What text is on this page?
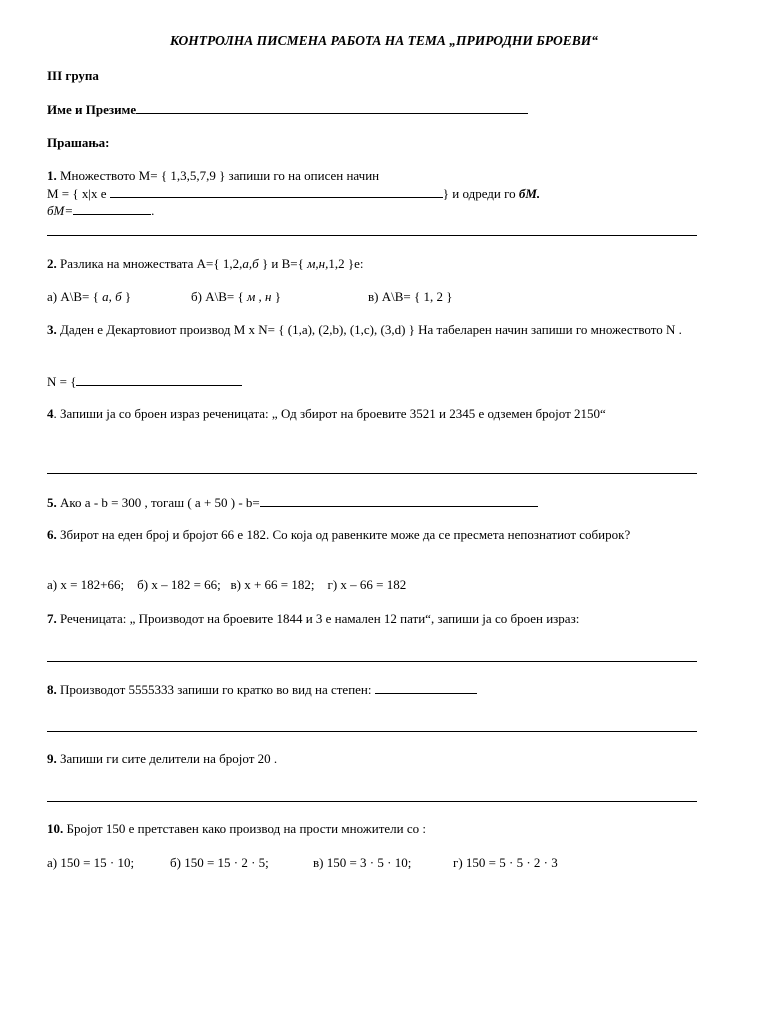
КОНТРОЛНА ПИСМЕНА РАБОТА НА ТЕМА „ПРИРОДНИ БРОЕВИ“
III група
Име и Презиме
Прашања:
1. Множеството M= { 1,3,5,7,9 } запиши го на описен начин
M = { x|x e	} и одреди го бM.
бM=	.
2. Разлика на множествата A={ 1,2,а,б } и B={ м,н,1,2 }е:
а) A\B= { а, б }	б) A\B= { м , н }	в) A\B= { 1, 2 }
3. Даден е Декартовиот производ M x N= { (1,a), (2,b), (1,c), (3,d) } На табеларен начин запиши го множеството N .
N = {
4. Запиши ја со броен израз реченицата: „ Од збирот на броевите 3521 и 2345 е одземен бројот 2150“
5. Ако a - b = 300 , тогаш ( a + 50 ) - b=
6. Збирот на еден број и бројот 66 е 182. Со која од равенките може да се пресмета непознатиот собирок?
а) x = 182+66;    б) x – 182 = 66;   в) x + 66 = 182;    г) x – 66 = 182
7. Реченицата: „ Производот на броевите 1844 и 3 е намален 12 пати“, запиши ја со броен израз:
8. Производот 5555333 запиши го кратко во вид на степен:
9. Запиши ги сите делители на бројот 20 .
10. Бројот 150 е претставен како производ на прости множители со :
а) 150 = 15 · 10;	б) 150 = 15 · 2 · 5;	в) 150 = 3 · 5 · 10;	г) 150 = 5 · 5 · 2 · 3
